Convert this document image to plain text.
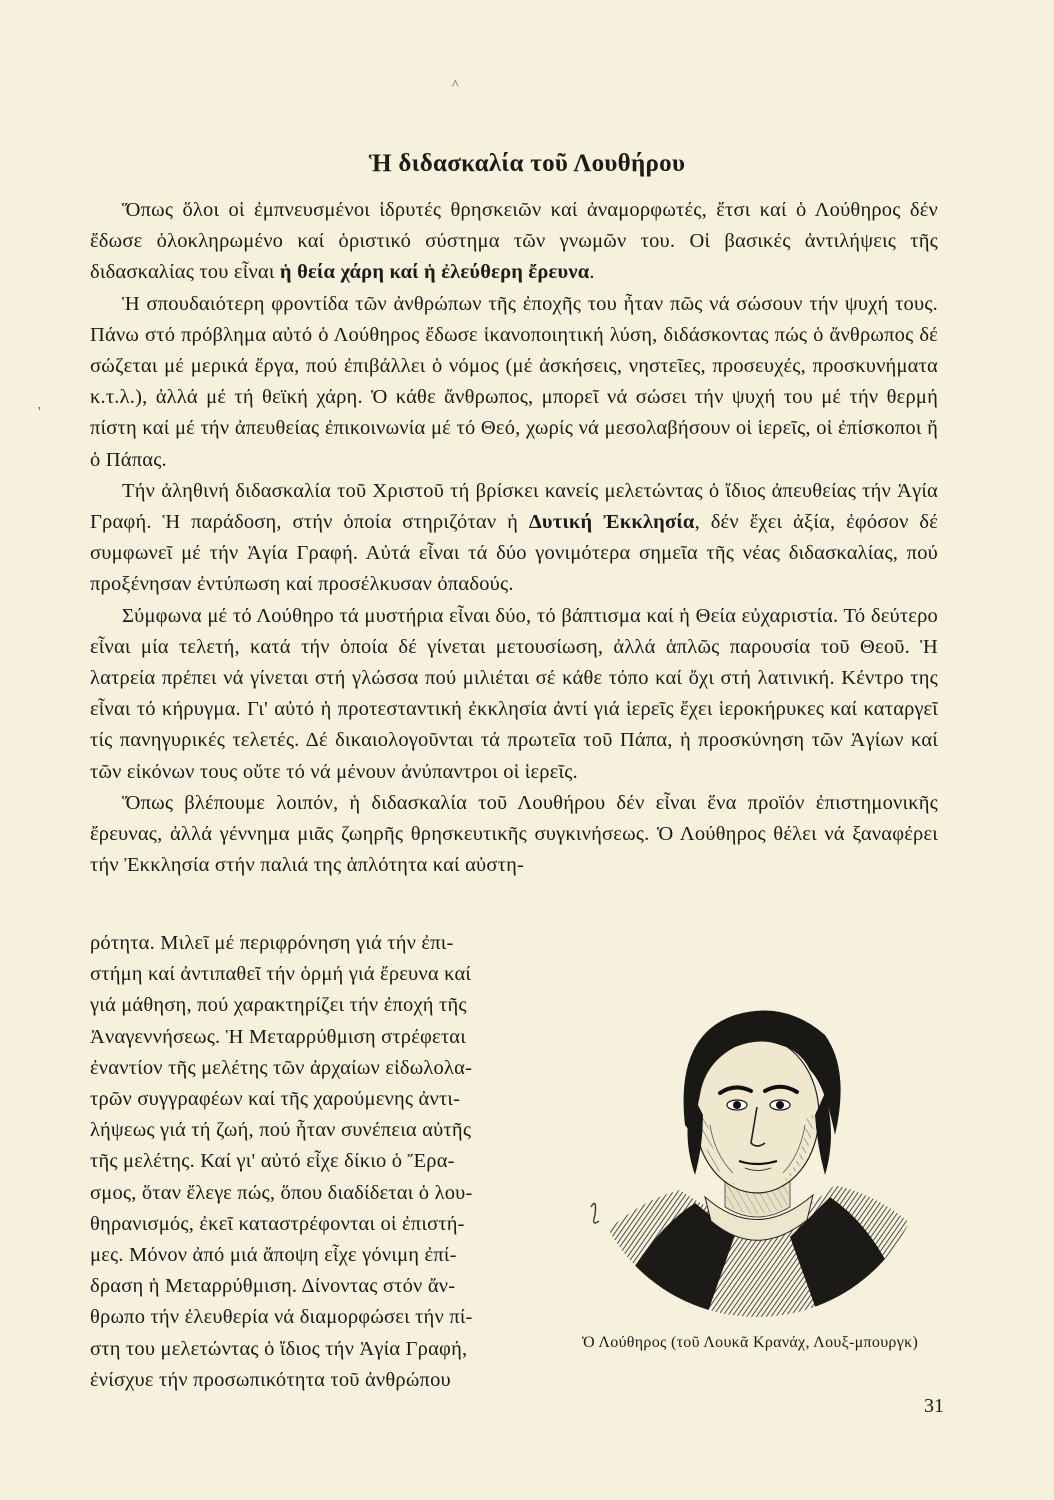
Ἡ διδασκαλία τοῦ Λουθήρου

Ὅπως ὅλοι οἱ ἐμπνευσμένοι ἱδρυτές θρησκειῶν καί ἀναμορφωτές, ἔτσι καί ὁ Λούθηρος δέν ἔδωσε ὁλοκληρωμένο καί ὁριστικό σύστημα τῶν γνωμῶν του. Οἱ βασικές ἀντιλήψεις τῆς διδασκαλίας του εἶναι ἡ θεία χάρη καί ἡ ἐλεύθερη ἔρευνα.

Ἡ σπουδαιότερη φροντίδα τῶν ἀνθρώπων τῆς ἐποχῆς του ἦταν πῶς νά σώσουν τήν ψυχή τους. Πάνω στό πρόβλημα αὐτό ὁ Λούθηρος ἔδωσε ἱκανοποιητική λύση, διδάσκοντας πώς ὁ ἄνθρωπος δέ σώζεται μέ μερικά ἔργα, πού ἐπιβάλλει ὁ νόμος (μέ ἀσκήσεις, νηστεῖες, προσευχές, προσκυνήματα κ.τ.λ.), ἀλλά μέ τή θεϊκή χάρη. Ὁ κάθε ἄνθρωπος, μπορεῖ νά σώσει τήν ψυχή του μέ τήν θερμή πίστη καί μέ τήν ἀπευθείας ἐπικοινωνία μέ τό Θεό, χωρίς νά μεσολαβήσουν οἱ ἱερεῖς, οἱ ἐπίσκοποι ἤ ὁ Πάπας.

Τήν ἀληθινή διδασκαλία τοῦ Χριστοῦ τή βρίσκει κανείς μελετώντας ὁ ἴδιος ἀπευθείας τήν Ἁγία Γραφή. Ἡ παράδοση, στήν ὁποία στηριζόταν ἡ Δυτική Ἐκκλησία, δέν ἔχει ἀξία, ἐφόσον δέ συμφωνεῖ μέ τήν Ἁγία Γραφή. Αὐτά εἶναι τά δύο γονιμότερα σημεῖα τῆς νέας διδασκαλίας, πού προξένησαν ἐντύπωση καί προσέλκυσαν ὀπαδούς.

Σύμφωνα μέ τό Λούθηρο τά μυστήρια εἶναι δύο, τό βάπτισμα καί ἡ Θεία εὐχαριστία. Τό δεύτερο εἶναι μία τελετή, κατά τήν ὁποία δέ γίνεται μετουσίωση, ἀλλά ἁπλῶς παρουσία τοῦ Θεοῦ. Ἡ λατρεία πρέπει νά γίνεται στή γλώσσα πού μιλιέται σέ κάθε τόπο καί ὄχι στή λατινική. Κέντρο της εἶναι τό κήρυγμα. Γι' αὐτό ἡ προτεσταντική ἐκκλησία ἀντί γιά ἱερεῖς ἔχει ἱεροκήρυκες καί καταργεῖ τίς πανηγυρικές τελετές. Δέ δικαιολογοῦνται τά πρωτεῖα τοῦ Πάπα, ἡ προσκύνηση τῶν Ἁγίων καί τῶν εἰκόνων τους οὔτε τό νά μένουν ἀνύπαντροι οἱ ἱερεῖς.

Ὅπως βλέπουμε λοιπόν, ἡ διδασκαλία τοῦ Λουθήρου δέν εἶναι ἕνα προϊόν ἐπιστημονικῆς ἔρευνας, ἀλλά γέννημα μιᾶς ζωηρῆς θρησκευτικῆς συγκινήσεως. Ὁ Λούθηρος θέλει νά ξαναφέρει τήν Ἐκκλησία στήν παλιά της ἁπλότητα καί αὐστη-

ρότητα. Μιλεῖ μέ περιφρόνηση γιά τήν ἐπι-

στήμη καί ἀντιπαθεῖ τήν ὁρμή γιά ἔρευνα καί

γιά μάθηση, πού χαρακτηρίζει τήν ἐποχή τῆς

Ἀναγεννήσεως. Ἡ Μεταρρύθμιση στρέφεται

ἐναντίον τῆς μελέτης τῶν ἀρχαίων εἰδωλολα-

τρῶν συγγραφέων καί τῆς χαρούμενης ἀντι-

λήψεως γιά τή ζωή, πού ἦταν συνέπεια αὐτῆς

τῆς μελέτης. Καί γι' αὐτό εἶχε δίκιο ὁ Ἔρα-

σμος, ὅταν ἔλεγε πώς, ὅπου διαδίδεται ὁ λου-

θηρανισμός, ἐκεῖ καταστρέφονται οἱ ἐπιστή-

μες. Μόνον ἀπό μιά ἄποψη εἶχε γόνιμη ἐπί-

δραση ἡ Μεταρρύθμιση. Δίνοντας στόν ἄν-

θρωπο τήν ἐλευθερία νά διαμορφώσει τήν πί-

στη του μελετώντας ὁ ἴδιος τήν Ἁγία Γραφή,

ἐνίσχυε τήν προσωπικότητα τοῦ ἀνθρώπου

Ὁ Λούθηρος (τοῦ Λουκᾶ Κρανάχ, Λουξ-μπουργκ)
31
^
'
